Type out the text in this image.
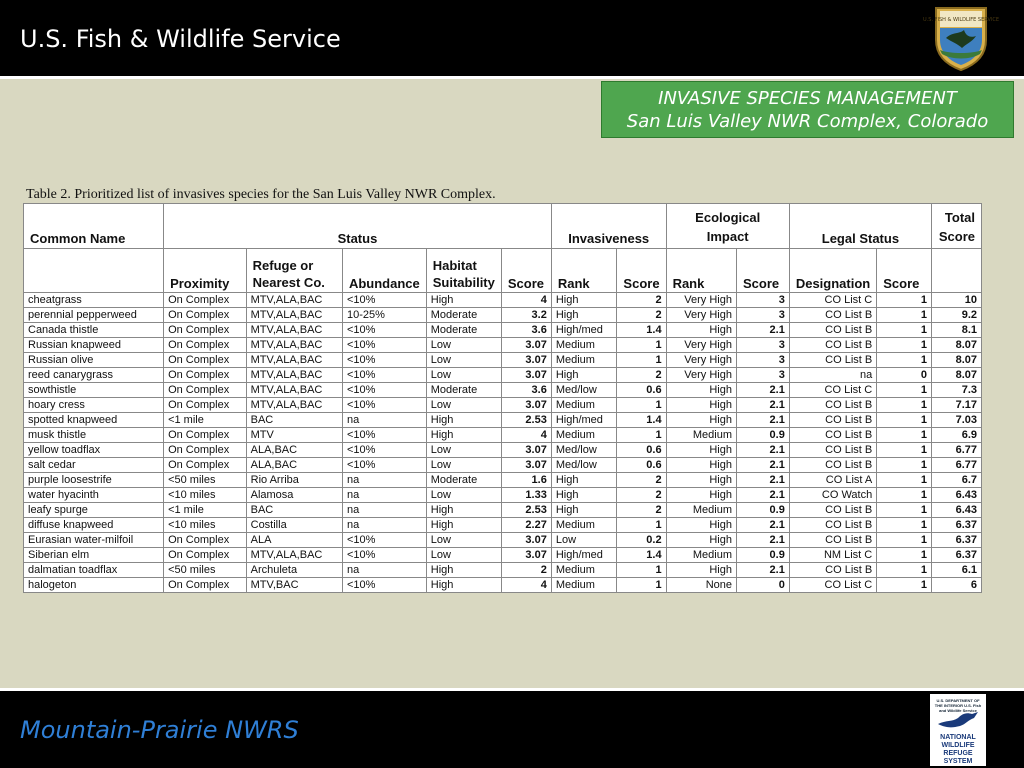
U.S. Fish & Wildlife Service
U.S. FISH & WILDLIFE SERVICE
INVASIVE SPECIES MANAGEMENT
San Luis Valley NWR Complex, Colorado
Table 2. Prioritized list of invasives species for the San Luis Valley NWR Complex.
Common Name	Status					Invasiveness		Ecological Impact		Legal Status		Total Score
	Proximity	Refuge or Nearest Co.	Abundance	Habitat Suitability	Score	Rank	Score	Rank	Score	Designation	Score	
cheatgrass	On Complex	MTV,ALA,BAC	<10%	High	4	High	2	Very High	3	CO List C	1	10
perennial pepperweed	On Complex	MTV,ALA,BAC	10-25%	Moderate	3.2	High	2	Very High	3	CO List B	1	9.2
Canada thistle	On Complex	MTV,ALA,BAC	<10%	Moderate	3.6	High/med	1.4	High	2.1	CO List B	1	8.1
Russian knapweed	On Complex	MTV,ALA,BAC	<10%	Low	3.07	Medium	1	Very High	3	CO List B	1	8.07
Russian olive	On Complex	MTV,ALA,BAC	<10%	Low	3.07	Medium	1	Very High	3	CO List B	1	8.07
reed canarygrass	On Complex	MTV,ALA,BAC	<10%	Low	3.07	High	2	Very High	3	na	0	8.07
sowthistle	On Complex	MTV,ALA,BAC	<10%	Moderate	3.6	Med/low	0.6	High	2.1	CO List C	1	7.3
hoary cress	On Complex	MTV,ALA,BAC	<10%	Low	3.07	Medium	1	High	2.1	CO List B	1	7.17
spotted knapweed	<1 mile	BAC	na	High	2.53	High/med	1.4	High	2.1	CO List B	1	7.03
musk thistle	On Complex	MTV	<10%	High	4	Medium	1	Medium	0.9	CO List B	1	6.9
yellow toadflax	On Complex	ALA,BAC	<10%	Low	3.07	Med/low	0.6	High	2.1	CO List B	1	6.77
salt cedar	On Complex	ALA,BAC	<10%	Low	3.07	Med/low	0.6	High	2.1	CO List B	1	6.77
purple loosestrife	<50 miles	Rio Arriba	na	Moderate	1.6	High	2	High	2.1	CO List A	1	6.7
water hyacinth	<10 miles	Alamosa	na	Low	1.33	High	2	High	2.1	CO Watch	1	6.43
leafy spurge	<1 mile	BAC	na	High	2.53	High	2	Medium	0.9	CO List B	1	6.43
diffuse knapweed	<10 miles	Costilla	na	High	2.27	Medium	1	High	2.1	CO List B	1	6.37
Eurasian water-milfoil	On Complex	ALA	<10%	Low	3.07	Low	0.2	High	2.1	CO List B	1	6.37
Siberian elm	On Complex	MTV,ALA,BAC	<10%	Low	3.07	High/med	1.4	Medium	0.9	NM List C	1	6.37
dalmatian toadflax	<50 miles	Archuleta	na	High	2	Medium	1	High	2.1	CO List B	1	6.1
halogeton	On Complex	MTV,BAC	<10%	High	4	Medium	1	None	0	CO List C	1	6
Mountain-Prairie NWRS
U.S. DEPARTMENT OF THE INTERIOR U.S. Fish and Wildlife Service
NATIONAL WILDLIFE REFUGE SYSTEM
